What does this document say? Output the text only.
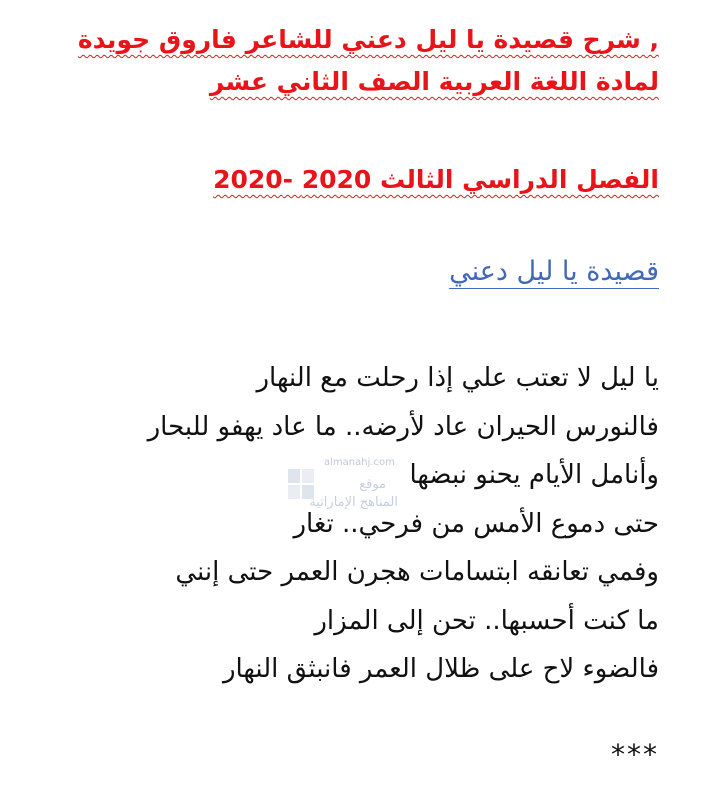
, شرح قصيدة يا ليل دعني للشاعر فاروق جويدة
لمادة اللغة العربية الصف الثاني عشر
الفصل الدراسي الثالث 2020 -2020
قصيدة يا ليل دعني
يا ليل لا تعتب علي إذا رحلت مع النهار
فالنورس الحيران عاد لأرضه.. ما عاد يهفو للبحار
وأنامل الأيام يحنو نبضها
حتى دموع الأمس من فرحي.. تغار
وفمي تعانقه ابتسامات هجرن العمر حتى إنني
ما كنت أحسبها.. تحن إلى المزار
فالضوء لاح على ظلال العمر فانبثق النهار
***
almanahj.com
موقع
المناهج الإماراتية
